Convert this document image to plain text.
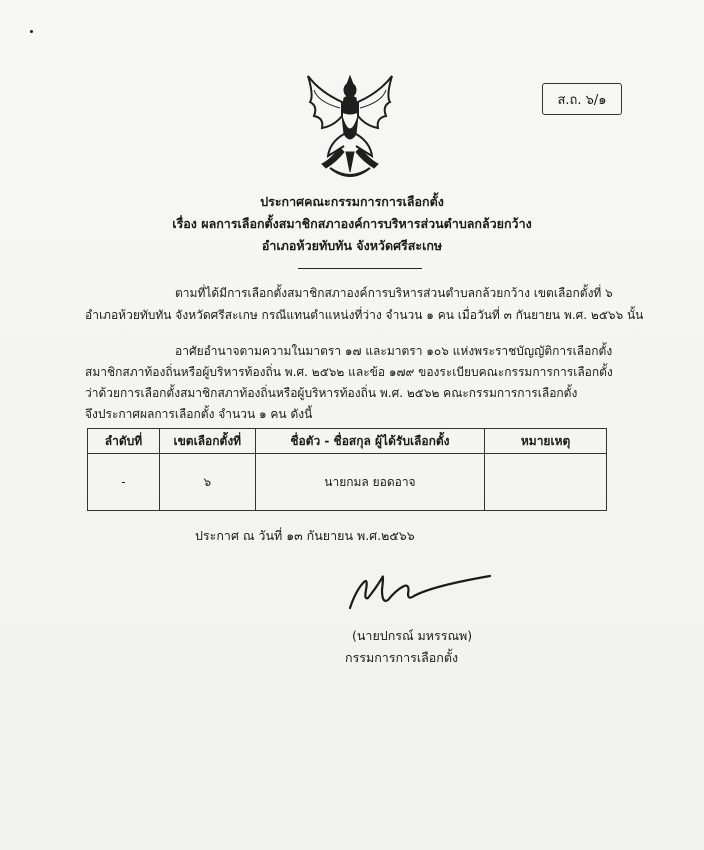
ส.ถ. ๖/๑
ประกาศคณะกรรมการการเลือกตั้ง
เรื่อง ผลการเลือกตั้งสมาชิกสภาองค์การบริหารส่วนตำบลกล้วยกว้าง
อำเภอห้วยทับทัน จังหวัดศรีสะเกษ
ตามที่ได้มีการเลือกตั้งสมาชิกสภาองค์การบริหารส่วนตำบลกล้วยกว้าง เขตเลือกตั้งที่ ๖
อำเภอห้วยทับทัน จังหวัดศรีสะเกษ กรณีแทนตำแหน่งที่ว่าง จำนวน ๑ คน เมื่อวันที่ ๓ กันยายน พ.ศ. ๒๕๖๖ นั้น
อาศัยอำนาจตามความในมาตรา ๑๗ และมาตรา ๑๐๖ แห่งพระราชบัญญัติการเลือกตั้ง
สมาชิกสภาท้องถิ่นหรือผู้บริหารท้องถิ่น พ.ศ. ๒๕๖๒ และข้อ ๑๗๙ ของระเบียบคณะกรรมการการเลือกตั้ง
ว่าด้วยการเลือกตั้งสมาชิกสภาท้องถิ่นหรือผู้บริหารท้องถิ่น พ.ศ. ๒๕๖๒ คณะกรรมการการเลือกตั้ง
จึงประกาศผลการเลือกตั้ง จำนวน ๑ คน ดังนี้
ลำดับที่	เขตเลือกตั้งที่	ชื่อตัว - ชื่อสกุล ผู้ได้รับเลือกตั้ง	หมายเหตุ
-	๖	นายกมล ยอดอาจ	
ประกาศ ณ วันที่ ๑๓ กันยายน พ.ศ.๒๕๖๖
(นายปกรณ์ มหรรณพ)
กรรมการการเลือกตั้ง
